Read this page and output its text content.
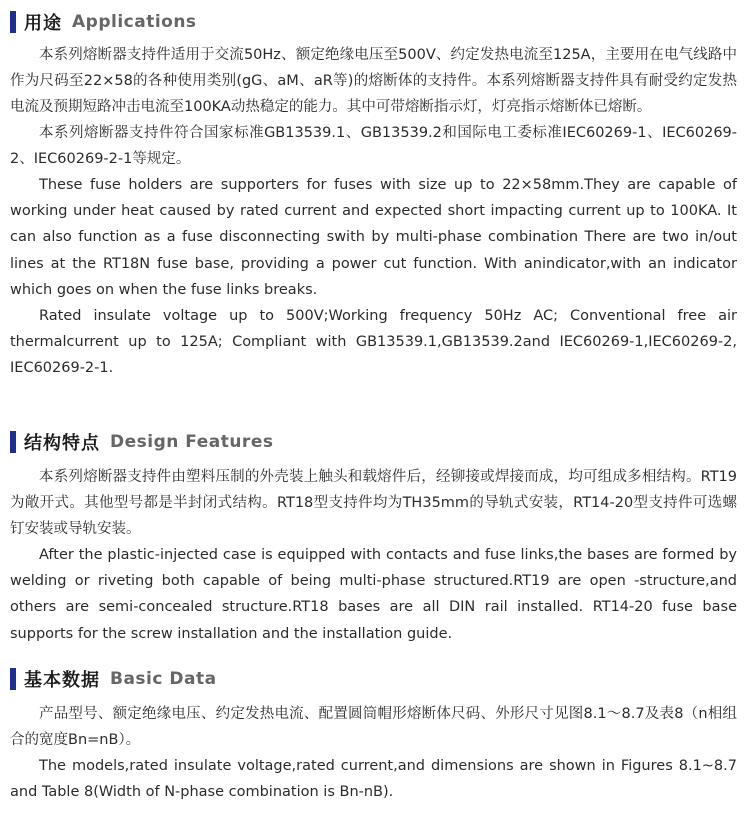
用途 Applications

本系列熔断器支持件适用于交流50Hz、额定绝缘电压至500V、约定发热电流至125A，主要用在电气线路中作为尺码至22×58的各种使用类别(gG、aM、aR等)的熔断体的支持件。本系列熔断器支持件具有耐受约定发热电流及预期短路冲击电流至100KA动热稳定的能力。其中可带熔断指示灯，灯亮指示熔断体已熔断。

本系列熔断器支持件符合国家标准GB13539.1、GB13539.2和国际电工委标准IEC60269-1、IEC60269-2、IEC60269-2-1等规定。

These fuse holders are supporters for fuses with size up to 22×58mm.They are capable of working under heat caused by rated current and expected short impacting current up to 100KA. It can also function as a fuse disconnecting swith by multi-phase combination There are two in/out lines at the RT18N fuse base, providing a power cut function. With anindicator,with an indicator which goes on when the fuse links breaks.

Rated insulate voltage up to 500V;Working frequency 50Hz AC; Conventional free air thermalcurrent up to 125A; Compliant with GB13539.1,GB13539.2and IEC60269-1,IEC60269-2, IEC60269-2-1.

结构特点 Design Features

本系列熔断器支持件由塑料压制的外壳装上触头和载熔件后，经铆接或焊接而成，均可组成多相结构。RT19为敞开式。其他型号都是半封闭式结构。RT18型支持件均为TH35mm的导轨式安装，RT14-20型支持件可选螺钉安装或导轨安装。

After the plastic-injected case is equipped with contacts and fuse links,the bases are formed by welding or riveting both capable of being multi-phase structured.RT19 are open -structure,and others are semi-concealed structure.RT18 bases are all DIN rail installed. RT14-20 fuse base supports for the screw installation and the installation guide.

基本数据 Basic Data

产品型号、额定绝缘电压、约定发热电流、配置圆筒帽形熔断体尺码、外形尺寸见图8.1～8.7及表8（n相组合的宽度Bn=nB）。

The models,rated insulate voltage,rated current,and dimensions are shown in Figures 8.1~8.7 and Table 8(Width of N-phase combination is Bn-nB).
